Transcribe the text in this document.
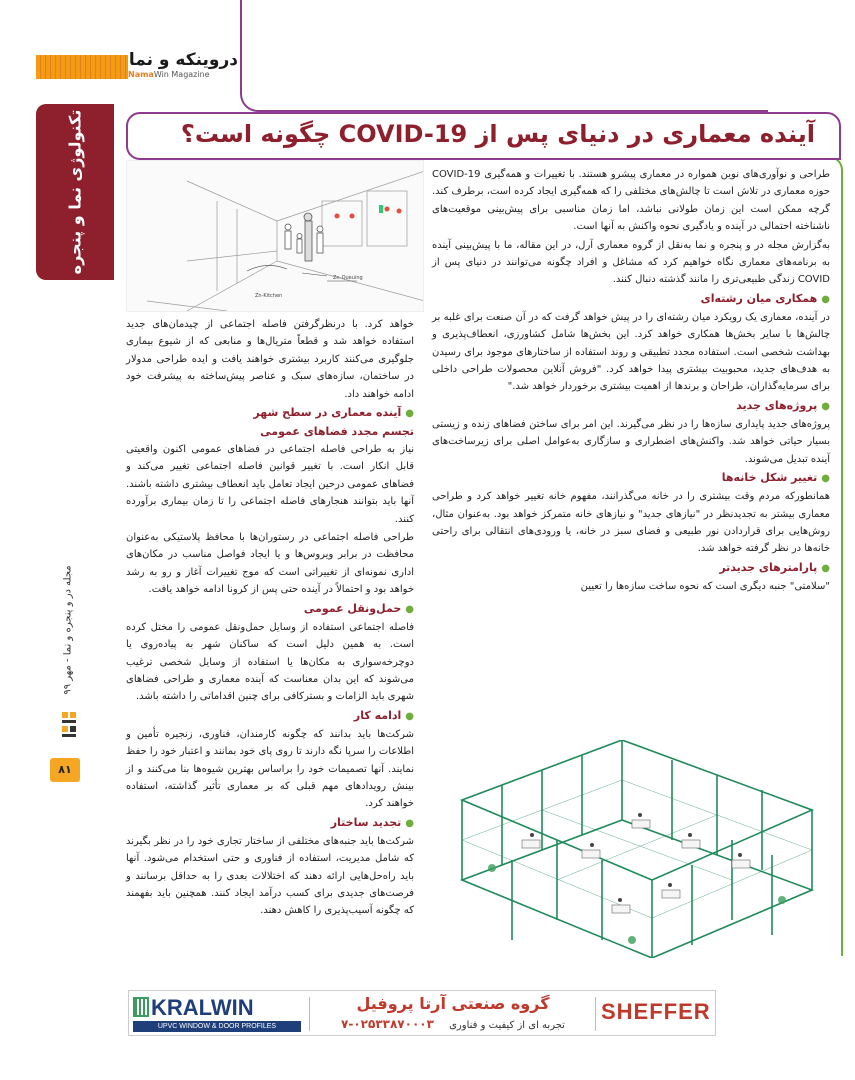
دروینکه و نما
NamaWin Magazine
تکنولوژی نما و پنجره
مجله در و پنجره و نما - مهر ۹۹
۸۱
آینده معماری در دنیای پس از COVID-19 چگونه است؟
Zn-Queuing
Zn-Kitchen

طراحی و نوآوری‌های نوین همواره در معماری پیشرو هستند. با تغییرات و همه‌گیری COVID-19 حوزه معماری در تلاش است تا چالش‌های مختلفی را که همه‌گیری ایجاد کرده است، برطرف کند. گرچه ممکن است این زمان طولانی نباشد، اما زمان مناسبی برای پیش‌بینی موقعیت‌های ناشناخته احتمالی در آینده و یادگیری نحوه واکنش به آنها است.

به‌گزارش مجله در و پنجره و نما به‌نقل از گروه معماری آرل، در این مقاله، ما با پیش‌بینی آینده به برنامه‌های معماری نگاه خواهیم کرد که مشاغل و افراد چگونه می‌توانند در دنیای پس از COVID زندگی طبیعی‌تری را مانند گذشته دنبال کنند.

●همکاری میان رشته‌ای

در آینده، معماری یک رویکرد میان رشته‌ای را در پیش خواهد گرفت که در آن صنعت برای غلبه بر چالش‌ها با سایر بخش‌ها همکاری خواهد کرد. این بخش‌ها شامل کشاورزی، انعطاف‌پذیری و بهداشت شخصی است. استفاده مجدد تطبیقی و روند استفاده از ساختارهای موجود برای رسیدن به هدف‌های جدید، محبوبیت بیشتری پیدا خواهد کرد. "فروش آنلاین محصولات طراحی داخلی برای سرمایه‌گذاران، طراحان و برندها از اهمیت بیشتری برخوردار خواهد شد."

●پروژه‌های جدید

پروژه‌های جدید پایداری سازه‌ها را در نظر می‌گیرند. این امر برای ساختن فضاهای زنده و زیستی بسیار حیاتی خواهد شد. واکنش‌های اضطراری و سازگاری به‌عوامل اصلی برای زیرساخت‌های آینده تبدیل می‌شوند.

●تغییر شکل خانه‌ها

همانطورکه مردم وقت بیشتری را در خانه می‌گذرانند، مفهوم خانه تغییر خواهد کرد و طراحی معماری بیشتر به تجدیدنظر در "نیازهای جدید" و نیازهای خانه متمرکز خواهد بود. به‌عنوان مثال، روش‌هایی برای قراردادن نور طبیعی و فضای سبز در خانه، یا ورودی‌های انتقالی برای راحتی خانه‌ها در نظر گرفته خواهد شد.

●پارامترهای جدیدتر

"سلامتی" جنبه دیگری است که نحوه ساخت سازه‌ها را تعیین

خواهد کرد. با درنظرگرفتن فاصله اجتماعی از چیدمان‌های جدید استفاده خواهد شد و قطعاً متریال‌ها و منابعی که از شیوع بیماری جلوگیری می‌کنند کاربرد بیشتری خواهند یافت و ایده طراحی مدولار در ساختمان، سازه‌های سبک و عناصر پیش‌ساخته به پیشرفت خود ادامه خواهند داد.

●آینده معماری در سطح شهر

تجسم مجدد فضاهای عمومی

نیاز به طراحی فاصله اجتماعی در فضاهای عمومی اکنون واقعیتی قابل انکار است. با تغییر قوانین فاصله اجتماعی تغییر می‌کند و فضاهای عمومی درحین ایجاد تعامل باید انعطاف بیشتری داشته باشند. آنها باید بتوانند هنجارهای فاصله اجتماعی را تا زمان بیماری برآورده کنند.

طراحی فاصله اجتماعی در رستوران‌ها با محافظ پلاستیکی به‌عنوان محافظت در برابر ویروس‌ها و یا ایجاد فواصل مناسب در مکان‌های اداری نمونه‌ای از تغییراتی است که موج تغییرات آغاز و رو به رشد خواهد بود و احتمالاً در آینده حتی پس از کرونا ادامه خواهد یافت.

●حمل‌ونقل عمومی

فاصله اجتماعی استفاده از وسایل حمل‌ونقل عمومی را مختل کرده است. به همین دلیل است که ساکنان شهر به پیاده‌روی یا دوچرخه‌سواری به مکان‌ها یا استفاده از وسایل شخصی ترغیب می‌شوند که این بدان معناست که آینده معماری و طراحی فضاهای شهری باید الزامات و بسترکافی برای چنین اقداماتی را داشته باشد.

●ادامه کار

شرکت‌ها باید بدانند که چگونه کارمندان، فناوری، زنجیره تأمین و اطلاعات را سرپا نگه دارند تا روی پای خود بمانند و اعتبار خود را حفظ نمایند. آنها تصمیمات خود را براساس بهترین شیوه‌ها بنا می‌کنند و از بینش رویدادهای مهم قبلی که بر معماری تأثیر گذاشته، استفاده خواهند کرد.

●تجدید ساختار

شرکت‌ها باید جنبه‌های مختلفی از ساختار تجاری خود را در نظر بگیرند که شامل مدیریت، استفاده از فناوری و حتی استخدام می‌شود. آنها باید راه‌حل‌هایی ارائه دهند که اختلالات بعدی را به حداقل برسانند و فرصت‌های جدیدی برای کسب درآمد ایجاد کنند. همچنین باید بفهمند که چگونه آسیب‌پذیری را کاهش دهند.

KRALWIN
UPVC WINDOW & DOOR PROFILES
گروه صنعتی آرتا پروفیل
تجربه ای از کیفیت و فناوری ۰۲۵۳۳۸۷۰۰۰۳-۷	SHEFFER
